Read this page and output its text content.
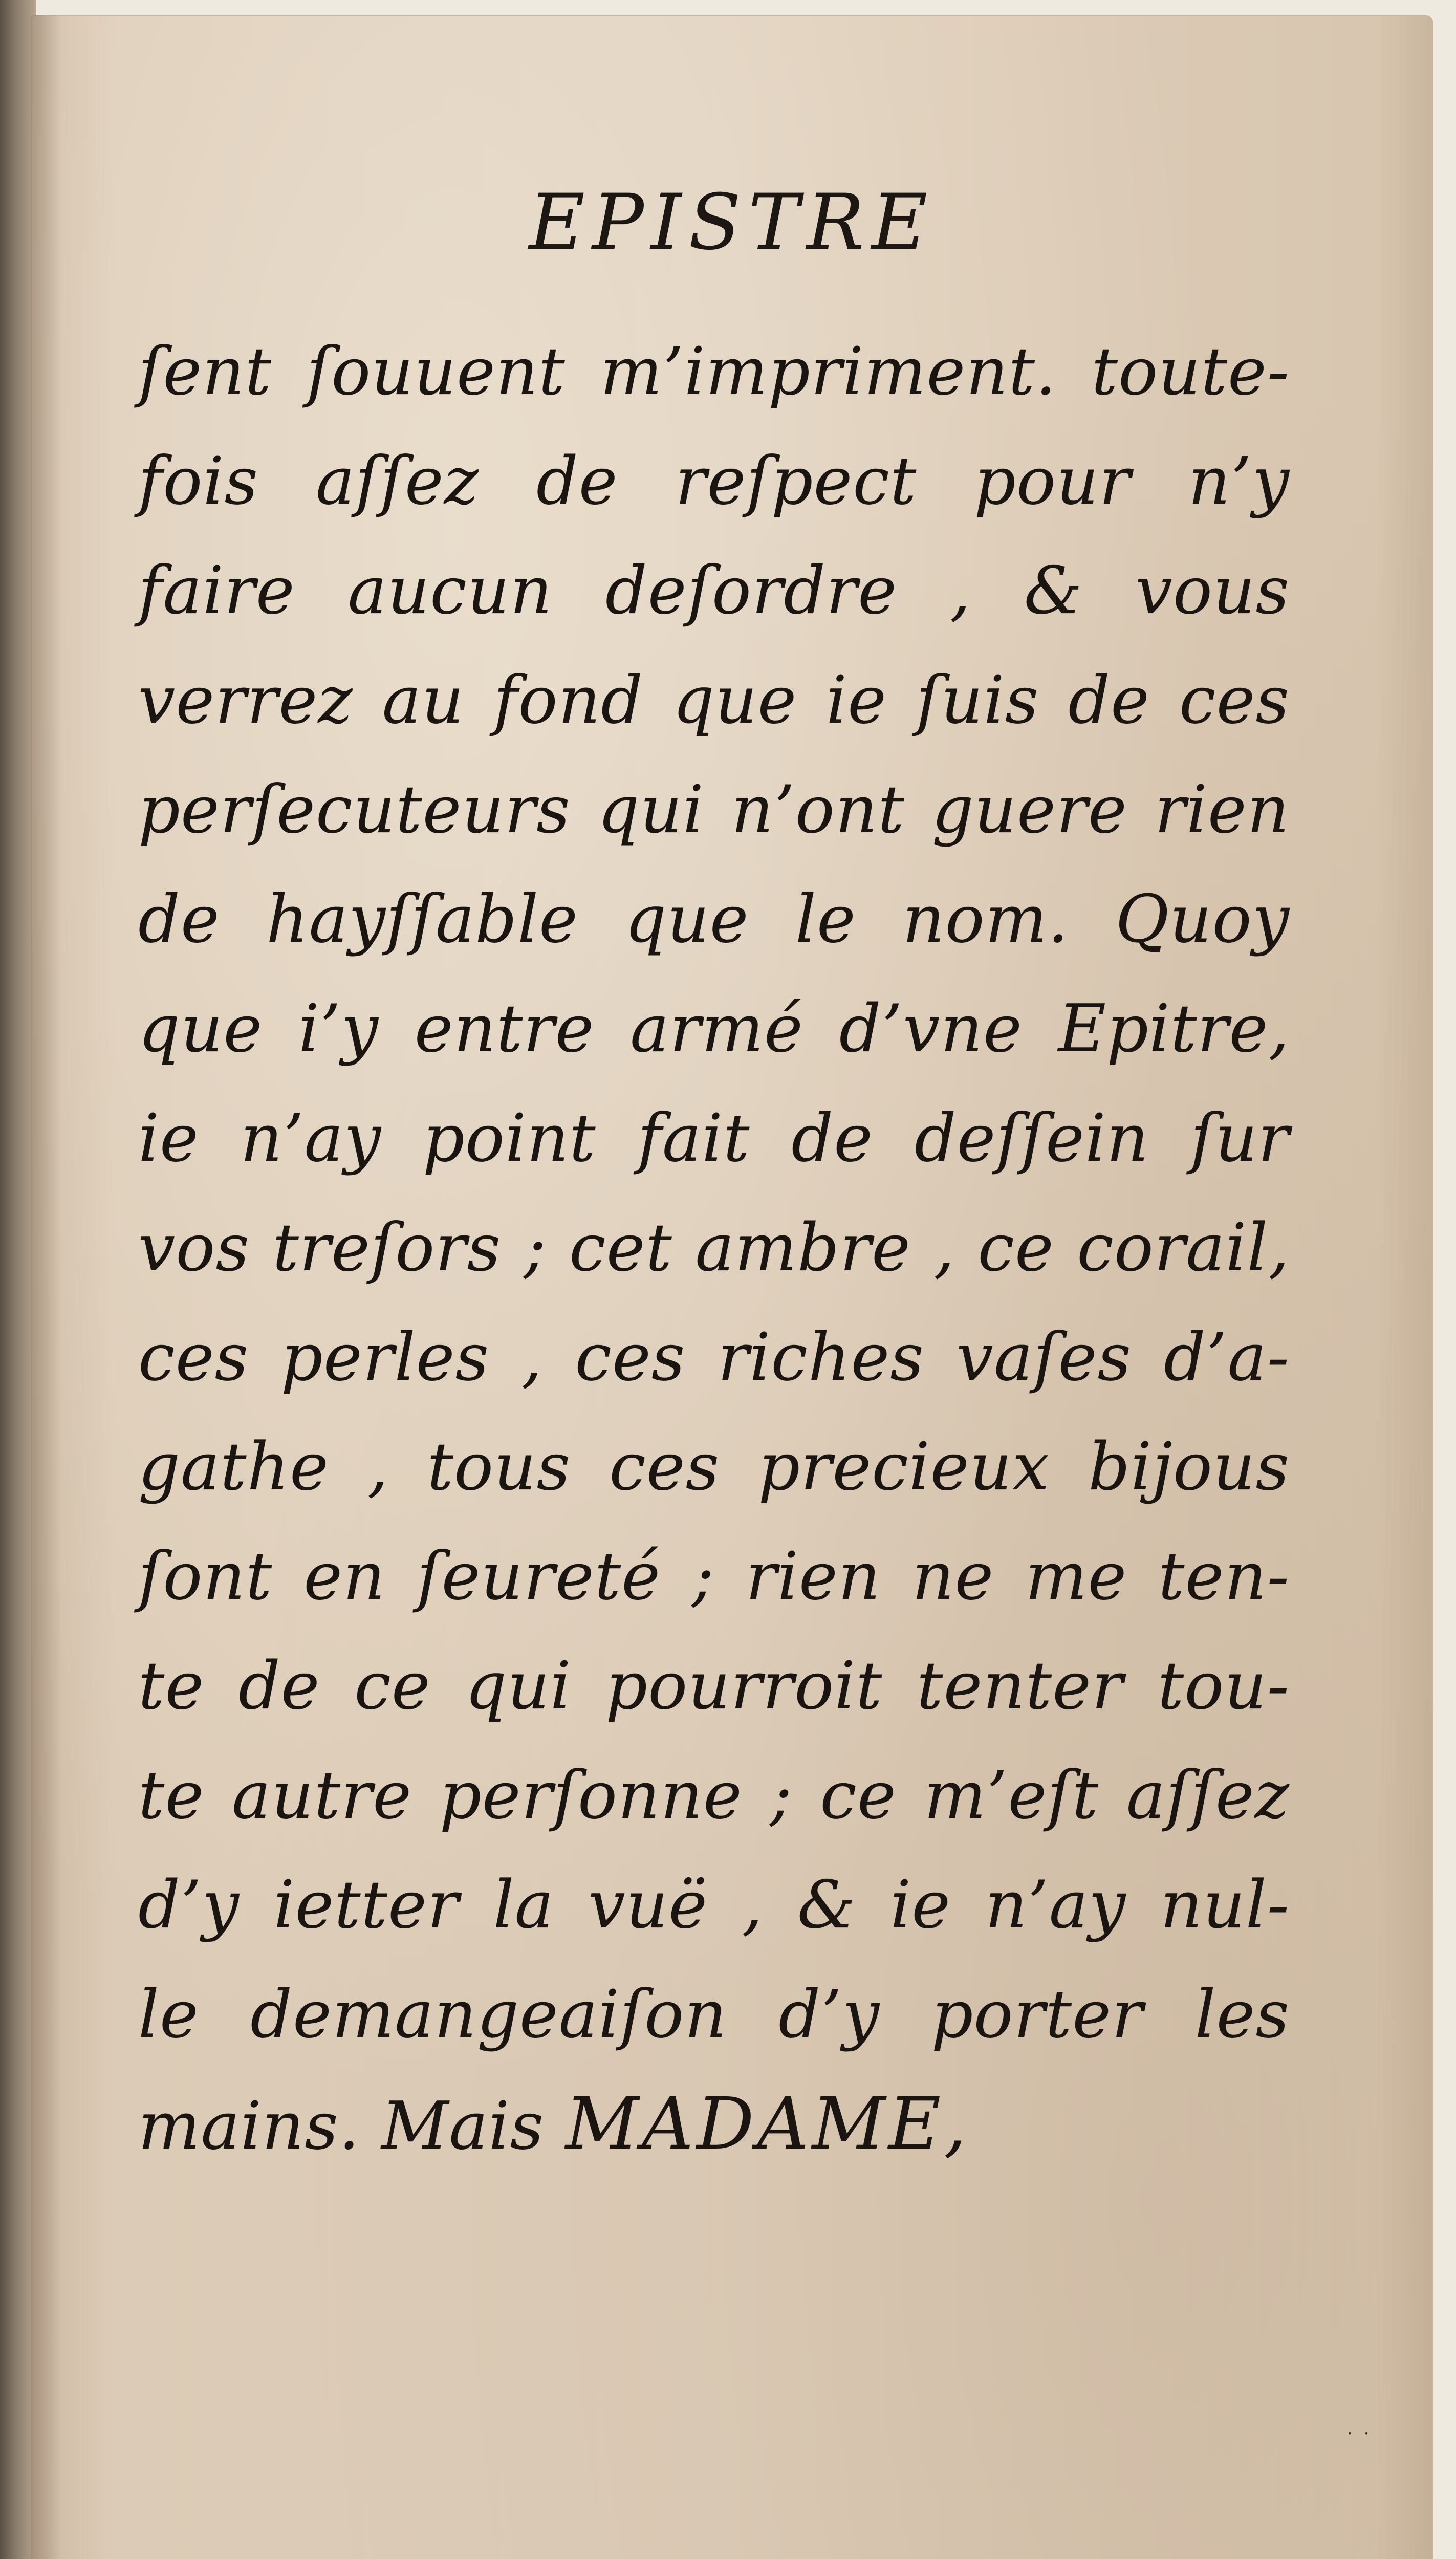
EPISTRE
ſent ſouuent m’impriment. toute-
fois aſſez de reſpect pour n’y
faire aucun deſordre , & vous
verrez au fond que ie ſuis de ces
perſecuteurs qui n’ont guere rien
de hayſſable que le nom. Quoy
que i’y entre armé d’vne Epitre,
ie n’ay point fait de deſſein ſur
vos treſors ; cet ambre , ce corail,
ces perles , ces riches vaſes d’a-
gathe , tous ces precieux bijous
ſont en ſeureté ; rien ne me ten-
te de ce qui pourroit tenter tou-
te autre perſonne ; ce m’eſt aſſez
d’y ietter la vuë , & ie n’ay nul-
le demangeaiſon d’y porter les
mains. Mais MADAME,
˙ ˙
